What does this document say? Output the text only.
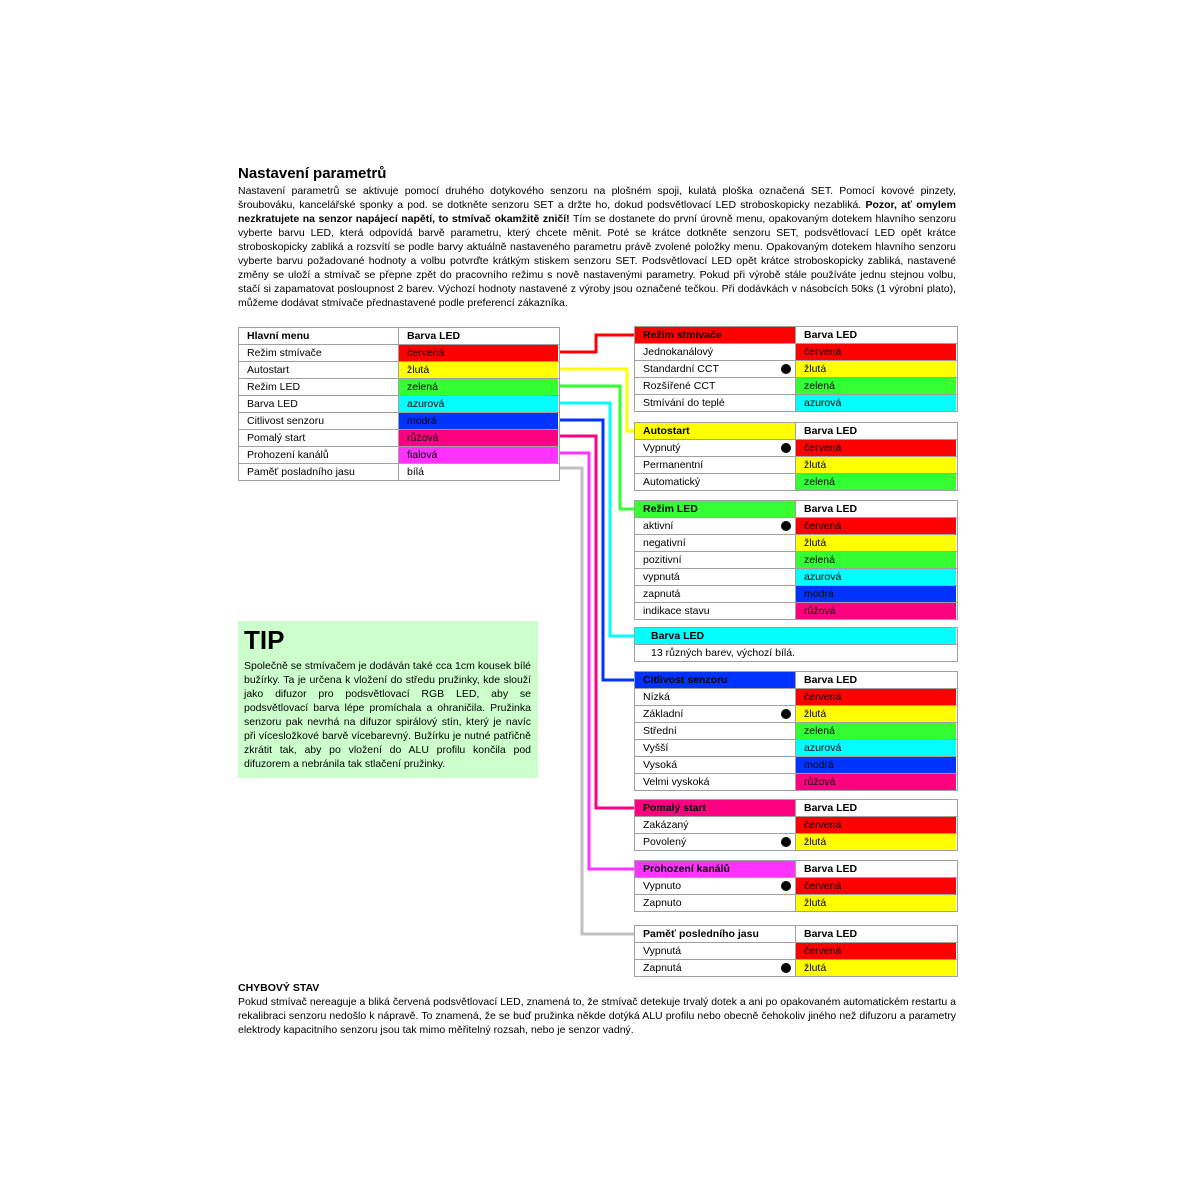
Nastavení parametrů

Nastavení parametrů se aktivuje pomocí druhého dotykového senzoru na plošném spoji, kulatá ploška označená SET. Pomocí kovové pinzety, šroubováku, kancelářské sponky a pod. se dotkněte senzoru SET a držte ho, dokud podsvětlovací LED stroboskopicky nezabliká. Pozor, ať omylem nezkratujete na senzor napájecí napětí, to stmívač okamžitě zničí! Tím se dostanete do první úrovně menu, opakovaným dotekem hlavního senzoru vyberte barvu LED, která odpovídá barvě parametru, který chcete měnit. Poté se krátce dotkněte senzoru SET, podsvětlovací LED opět krátce stroboskopicky zabliká a rozsvítí se podle barvy aktuálně nastaveného parametru právě zvolené položky menu. Opakovaným dotekem hlavního senzoru vyberte barvu požadované hodnoty a volbu potvrďte krátkým stiskem senzoru SET. Podsvětlovací LED opět krátce stroboskopicky zabliká, nastavené změny se uloží a stmívač se přepne zpět do pracovního režimu s nově nastavenými parametry. Pokud při výrobě stále používáte jednu stejnou volbu, stačí si zapamatovat posloupnost 2 barev. Výchozí hodnoty nastavené z výroby jsou označené tečkou. Při dodávkách v násobcích 50ks (1 výrobní plato), můžeme dodávat stmívače přednastavené podle preferencí zákazníka.

Hlavní menu	Barva LED
Režim stmívače	červená
Autostart	žlutá
Režim LED	zelená
Barva LED	azurová
Citlivost senzoru	modrá
Pomalý start	růžová
Prohození kanálů	fialová
Paměť posladního jasu	bílá
Režim stmívače	Barva LED
Jednokanálový	červená
Standardní CCT	žlutá
Rozšířené CCT	zelená
Stmívání do teplé	azurová
Autostart	Barva LED
Vypnutý	červená
Permanentní	žlutá
Automatický	zelená
Režim LED	Barva LED
aktivní	červená
negativní	žlutá
pozitivní	zelená
vypnutá	azurová
zapnutá	modrá
indikace stavu	růžová
Barva LED
13 různých barev, výchozí bílá.
Citlivost senzoru	Barva LED
Nízká	červená
Základní	žlutá
Střední	zelená
Vyšší	azurová
Vysoká	modrá
Velmi vyskoká	růžová
Pomalý start	Barva LED
Zakázaný	červená
Povolený	žlutá
Prohození kanálů	Barva LED
Vypnuto	červená
Zapnuto	žlutá
Paměť posledního jasu	Barva LED
Vypnutá	červená
Zapnutá	žlutá

TIP

Společně se stmívačem je dodáván také cca 1cm kousek bílé bužírky. Ta je určena k vložení do středu pružinky, kde slouží jako difuzor pro podsvětlovací RGB LED, aby se podsvětlovací barva lépe promíchala a ohraničila. Pružinka senzoru pak nevrhá na difuzor spirálový stín, který je navíc při vícesložkové barvě vícebarevný. Bužírku je nutné patřičně zkrátit tak, aby po vložení do ALU profilu končila pod difuzorem a nebránila tak stlačení pružinky.

CHYBOVÝ STAV

Pokud stmívač nereaguje a bliká červená podsvětlovací LED, znamená to, že stmívač detekuje trvalý dotek a ani po opakovaném automatickém restartu a rekalibraci senzoru nedošlo k nápravě. To znamená, že se buď pružinka někde dotýká ALU profilu nebo obecně čehokoliv jiného než difuzoru a parametry elektrody kapacitního senzoru jsou tak mimo měřitelný rozsah, nebo je senzor vadný.
